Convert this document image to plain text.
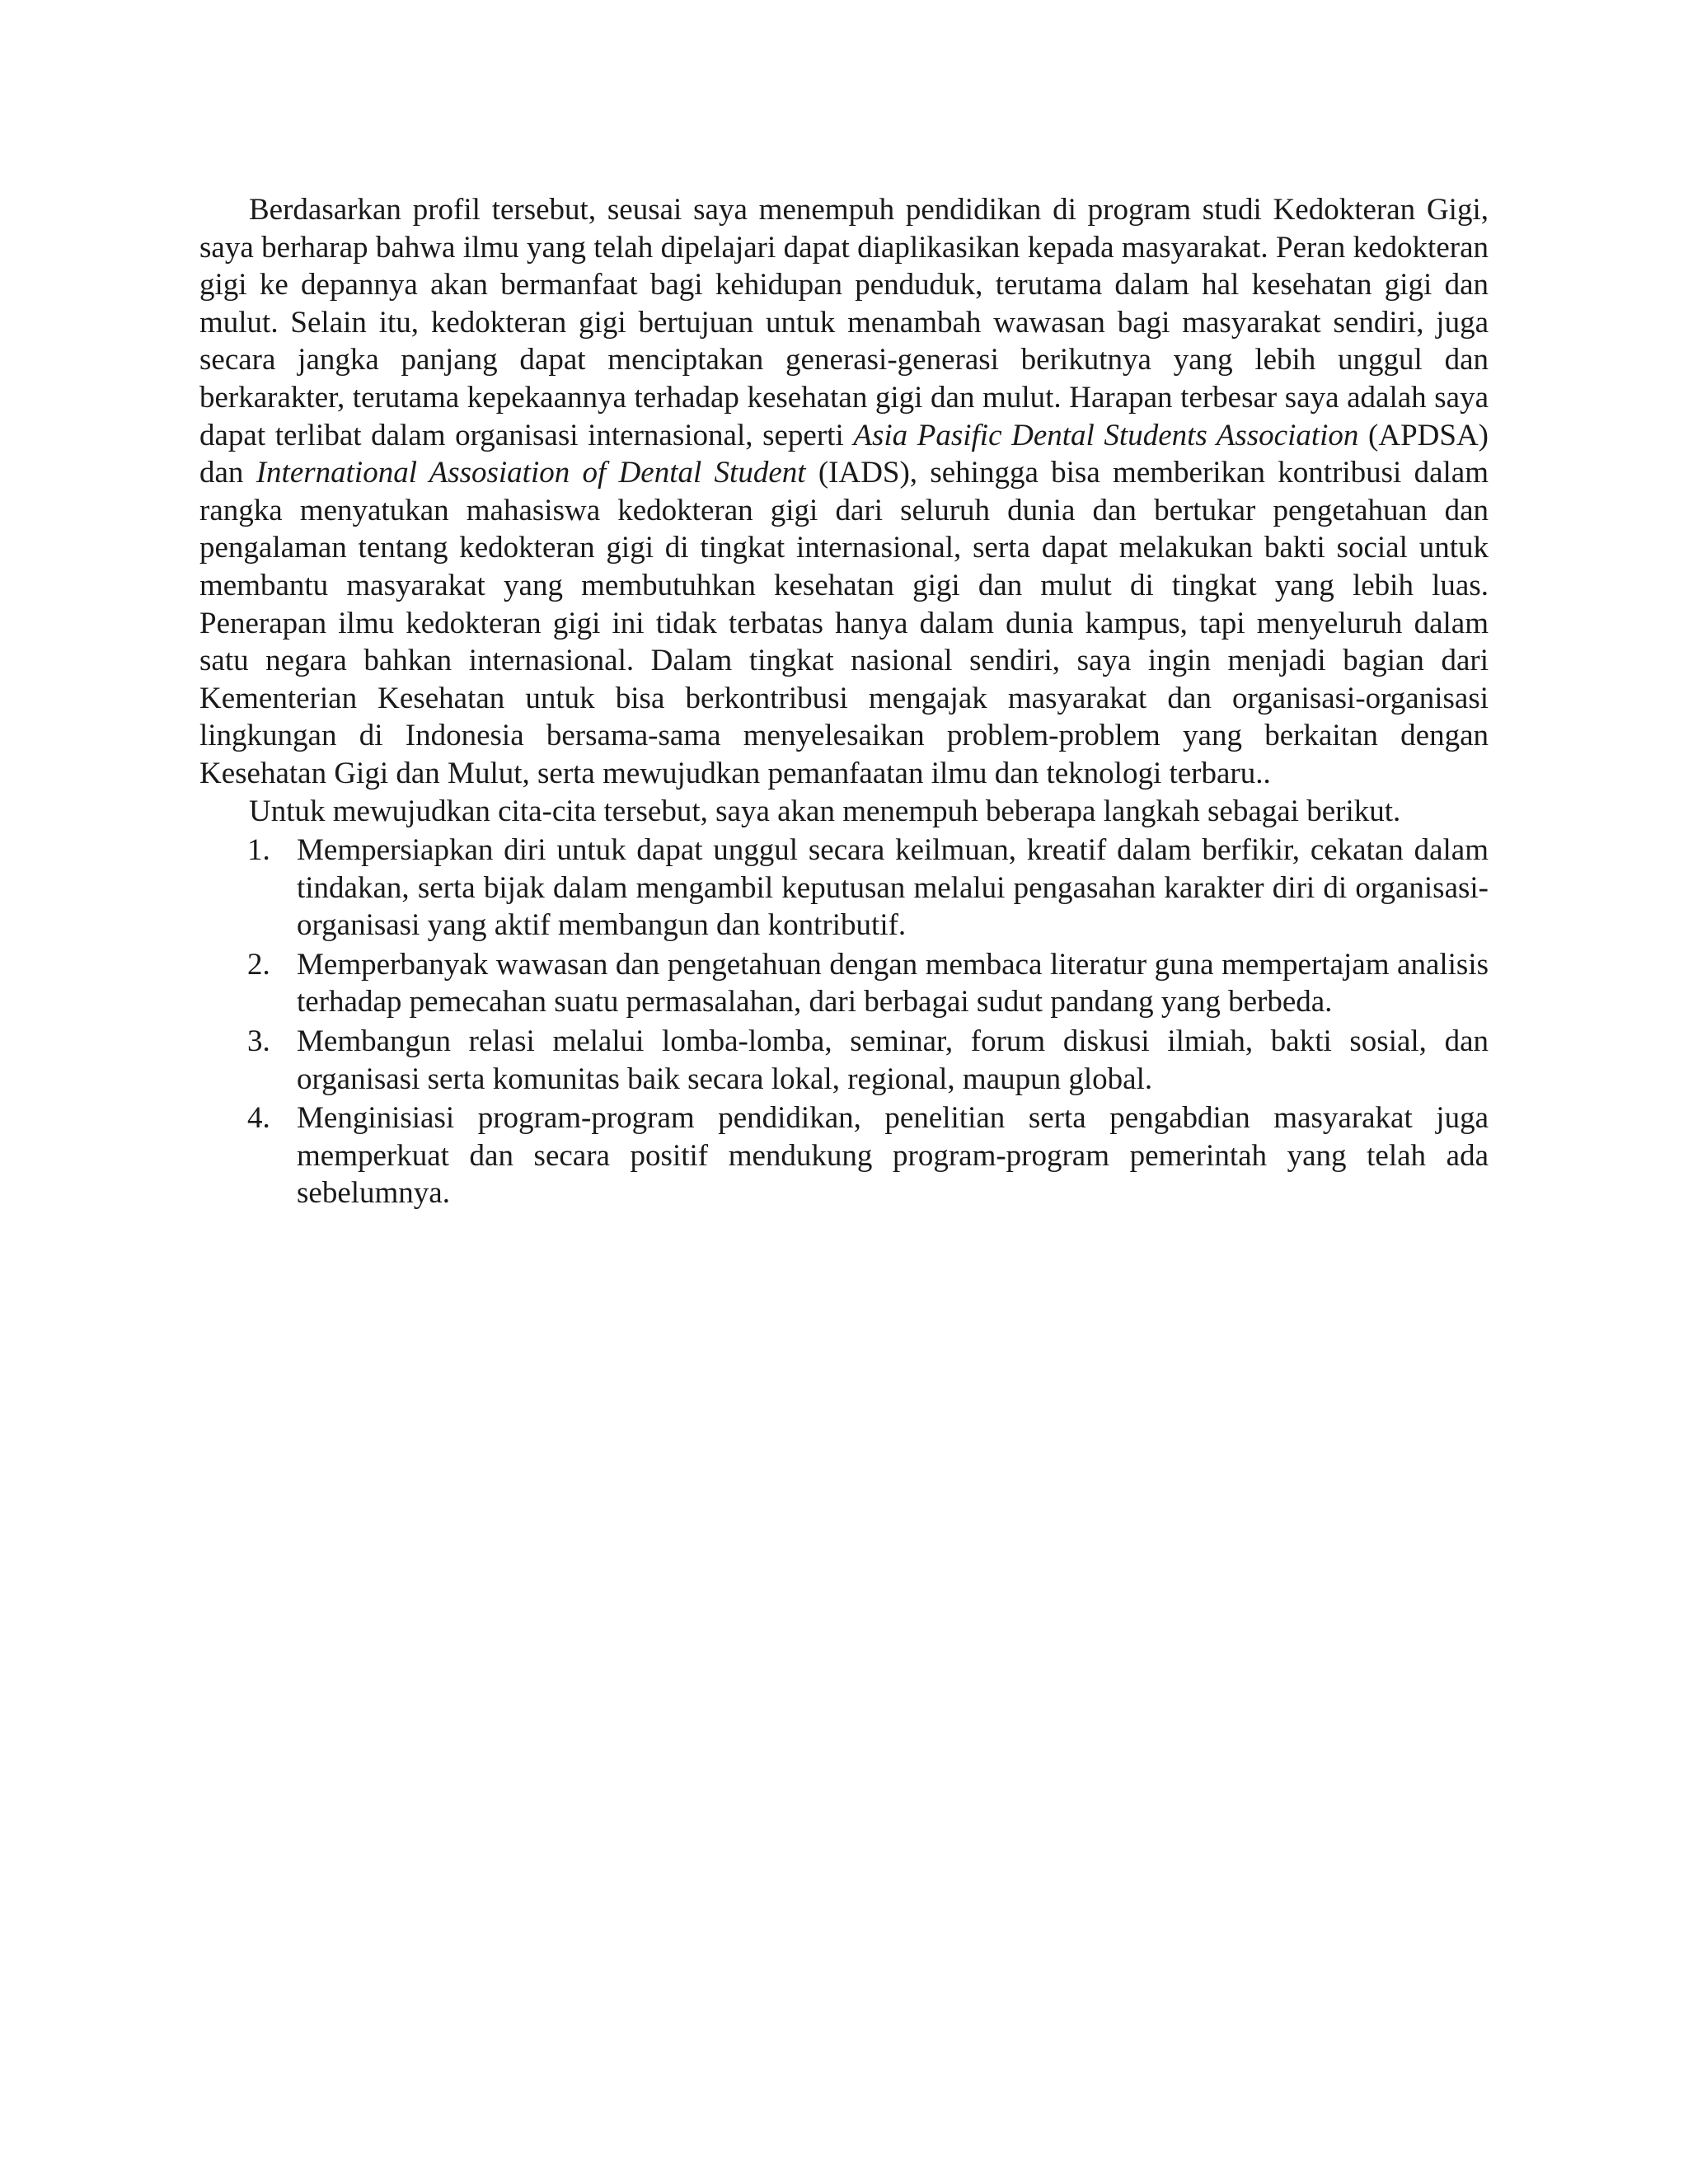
Berdasarkan profil tersebut, seusai saya menempuh pendidikan di program studi Kedokteran Gigi, saya berharap bahwa ilmu yang telah dipelajari dapat diaplikasikan kepada masyarakat. Peran kedokteran gigi ke depannya akan bermanfaat bagi kehidupan penduduk, terutama dalam hal kesehatan gigi dan mulut. Selain itu, kedokteran gigi bertujuan untuk menambah wawasan bagi masyarakat sendiri, juga secara jangka panjang dapat menciptakan generasi-generasi berikutnya yang lebih unggul dan berkarakter, terutama kepekaannya terhadap kesehatan gigi dan mulut. Harapan terbesar saya adalah saya dapat terlibat dalam organisasi internasional, seperti Asia Pasific Dental Students Association (APDSA) dan International Assosiation of Dental Student (IADS), sehingga bisa memberikan kontribusi dalam rangka menyatukan mahasiswa kedokteran gigi dari seluruh dunia dan bertukar pengetahuan dan pengalaman tentang kedokteran gigi di tingkat internasional, serta dapat melakukan bakti social untuk membantu masyarakat yang membutuhkan kesehatan gigi dan mulut di tingkat yang lebih luas. Penerapan ilmu kedokteran gigi ini tidak terbatas hanya dalam dunia kampus, tapi menyeluruh dalam satu negara bahkan internasional. Dalam tingkat nasional sendiri, saya ingin menjadi bagian dari Kementerian Kesehatan untuk bisa berkontribusi mengajak masyarakat dan organisasi-organisasi lingkungan di Indonesia bersama-sama menyelesaikan problem-problem yang berkaitan dengan Kesehatan Gigi dan Mulut, serta mewujudkan pemanfaatan ilmu dan teknologi terbaru..

Untuk mewujudkan cita-cita tersebut, saya akan menempuh beberapa langkah sebagai berikut.

1. Mempersiapkan diri untuk dapat unggul secara keilmuan, kreatif dalam berfikir, cekatan dalam tindakan, serta bijak dalam mengambil keputusan melalui pengasahan karakter diri di organisasi-organisasi yang aktif membangun dan kontributif.
2. Memperbanyak wawasan dan pengetahuan dengan membaca literatur guna mempertajam analisis terhadap pemecahan suatu permasalahan, dari berbagai sudut pandang yang berbeda.
3. Membangun relasi melalui lomba-lomba, seminar, forum diskusi ilmiah, bakti sosial, dan organisasi serta komunitas baik secara lokal, regional, maupun global.
4. Menginisiasi program-program pendidikan, penelitian serta pengabdian masyarakat juga memperkuat dan secara positif mendukung program-program pemerintah yang telah ada sebelumnya.
